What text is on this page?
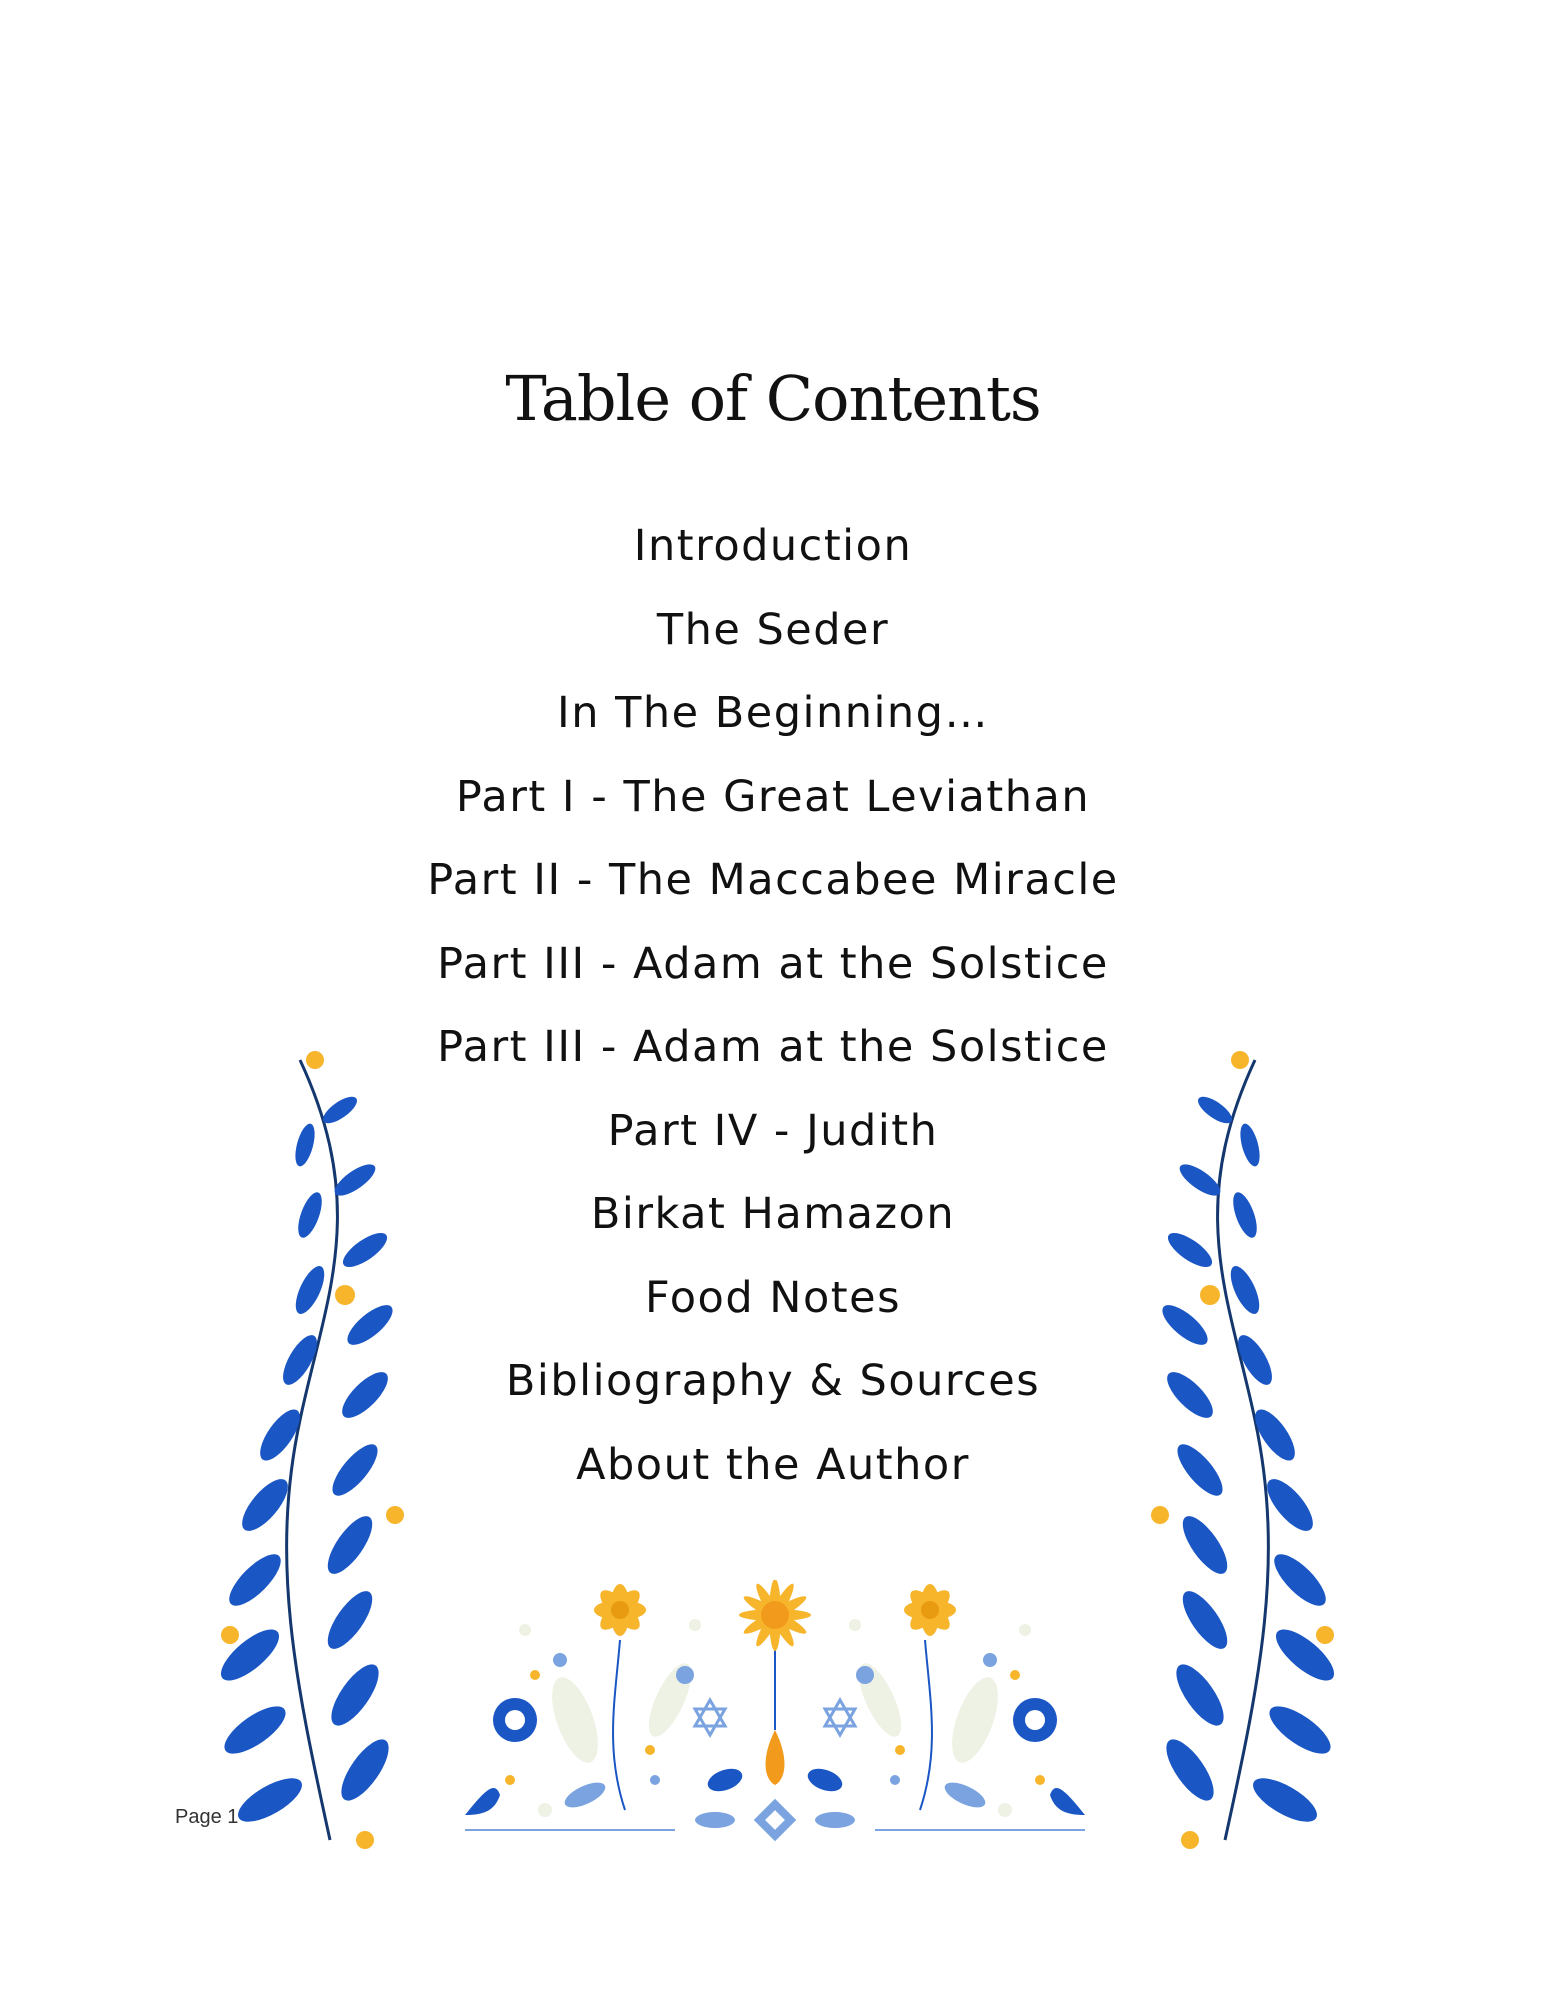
Table of Contents
Introduction
The Seder
In The Beginning…
Part I - The Great Leviathan
Part II - The Maccabee Miracle
Part III - Adam at the Solstice
Part III - Adam at the Solstice
Part IV - Judith
Birkat Hamazon
Food Notes
Bibliography & Sources
About the Author
Page 1
